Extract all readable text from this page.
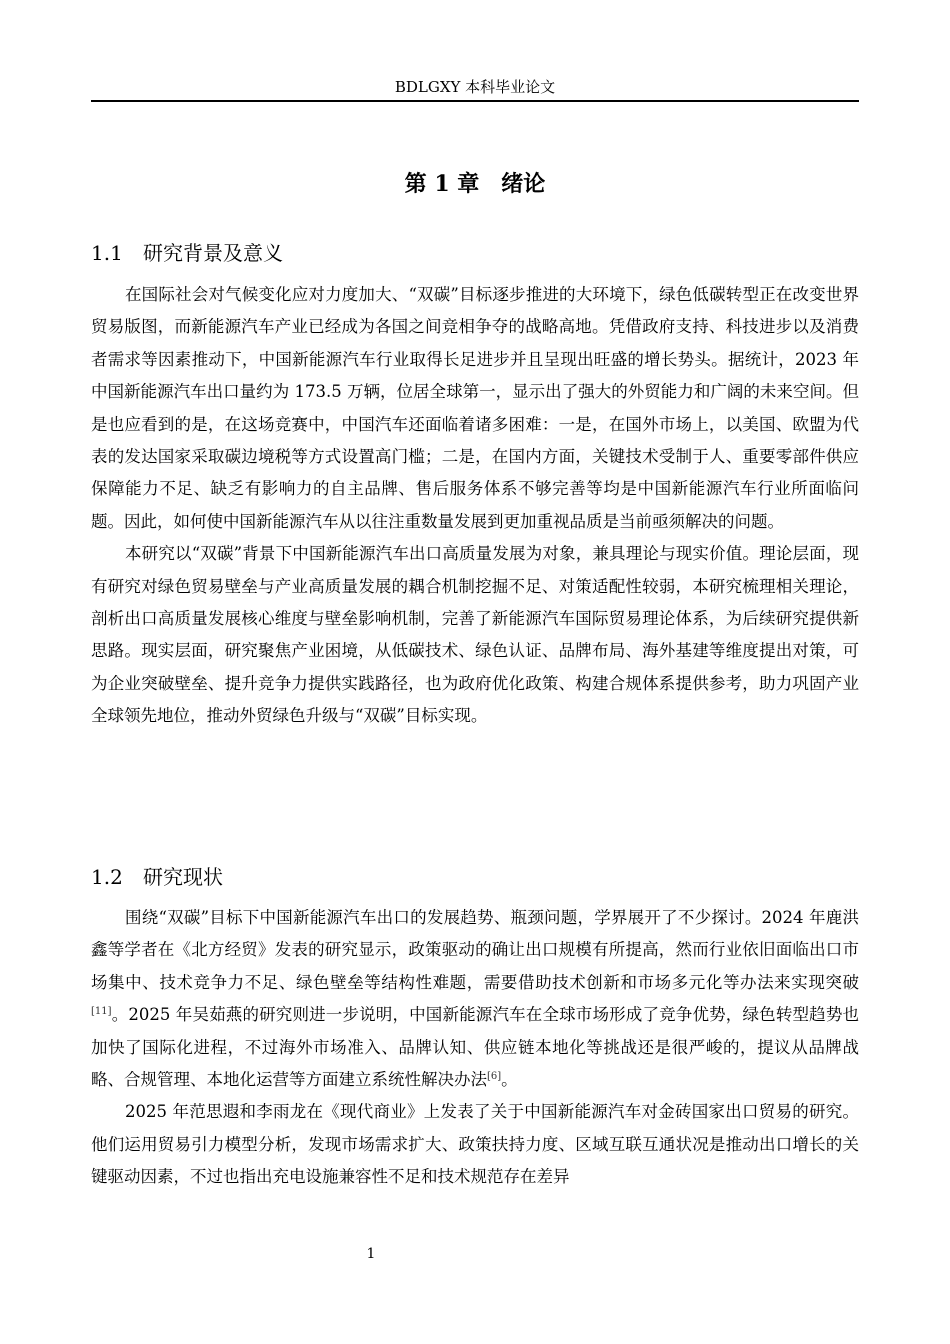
BDLGXY 本科毕业论文
第 1 章　绪论
1.1 研究背景及意义

在国际社会对气候变化应对力度加大、“双碳”目标逐步推进的大环境下，绿色低碳转型正在改变世界贸易版图，而新能源汽车产业已经成为各国之间竞相争夺的战略高地。凭借政府支持、科技进步以及消费者需求等因素推动下，中国新能源汽车行业取得长足进步并且呈现出旺盛的增长势头。据统计，2023 年中国新能源汽车出口量约为 173.5 万辆，位居全球第一，显示出了强大的外贸能力和广阔的未来空间。但是也应看到的是，在这场竞赛中，中国汽车还面临着诸多困难：一是，在国外市场上，以美国、欧盟为代表的发达国家采取碳边境税等方式设置高门槛；二是，在国内方面，关键技术受制于人、重要零部件供应保障能力不足、缺乏有影响力的自主品牌、售后服务体系不够完善等均是中国新能源汽车行业所面临问题。因此，如何使中国新能源汽车从以往注重数量发展到更加重视品质是当前亟须解决的问题。

本研究以“双碳”背景下中国新能源汽车出口高质量发展为对象，兼具理论与现实价值。理论层面，现有研究对绿色贸易壁垒与产业高质量发展的耦合机制挖掘不足、对策适配性较弱，本研究梳理相关理论，剖析出口高质量发展核心维度与壁垒影响机制，完善了新能源汽车国际贸易理论体系，为后续研究提供新思路。现实层面，研究聚焦产业困境，从低碳技术、绿色认证、品牌布局、海外基建等维度提出对策，可为企业突破壁垒、提升竞争力提供实践路径，也为政府优化政策、构建合规体系提供参考，助力巩固产业全球领先地位，推动外贸绿色升级与“双碳”目标实现。

1.2 研究现状

围绕“双碳”目标下中国新能源汽车出口的发展趋势、瓶颈问题，学界展开了不少探讨。2024 年鹿洪鑫等学者在《北方经贸》发表的研究显示，政策驱动的确让出口规模有所提高，然而行业依旧面临出口市场集中、技术竞争力不足、绿色壁垒等结构性难题，需要借助技术创新和市场多元化等办法来实现突破[11]。2025 年吴茹燕的研究则进一步说明，中国新能源汽车在全球市场形成了竞争优势，绿色转型趋势也加快了国际化进程，不过海外市场准入、品牌认知、供应链本地化等挑战还是很严峻的，提议从品牌战略、合规管理、本地化运营等方面建立系统性解决办法[6]。

2025 年范思遐和李雨龙在《现代商业》上发表了关于中国新能源汽车对金砖国家出口贸易的研究。他们运用贸易引力模型分析，发现市场需求扩大、政策扶持力度、区域互联互通状况是推动出口增长的关键驱动因素，不过也指出充电设施兼容性不足和技术规范存在差异

1
